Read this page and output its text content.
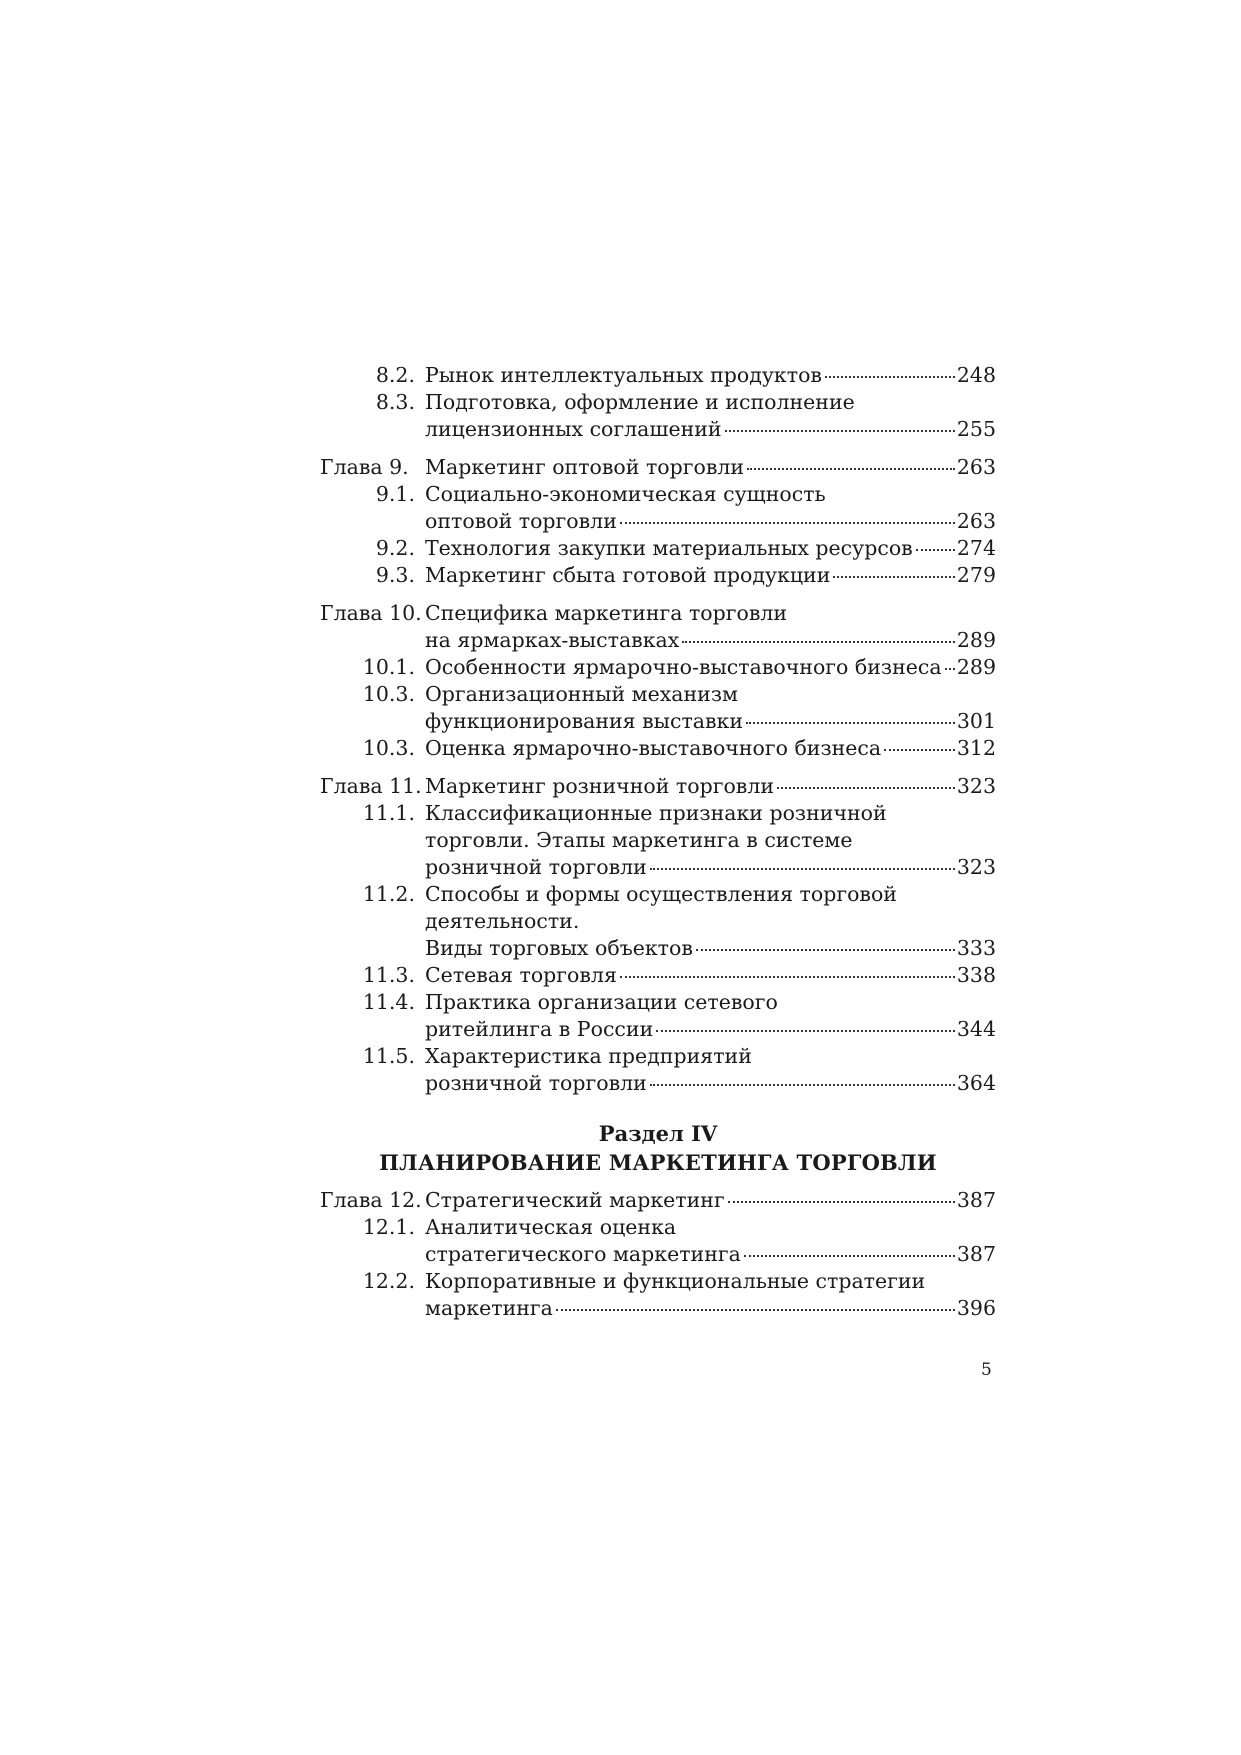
8.2. Рынок интеллектуальных продуктов	248
8.3. Подготовка, оформление и исполнение
лицензионных соглашений	255
Глава 9. Маркетинг оптовой торговли	263
9.1. Социально-экономическая сущность
оптовой торговли	263
9.2. Технология закупки материальных ресурсов 274
9.3. Маркетинг сбыта готовой продукции	279
Глава 10. Специфика маркетинга торговли
на ярмарках-выставках	289
10.1. Особенности ярмарочно-выставочного бизнеса 289
10.3. Организационный механизм
функционирования выставки	301
10.3. Оценка ярмарочно-выставочного бизнеса	312
Глава 11. Маркетинг розничной торговли	323
11.1. Классификационные признаки розничной
торговли. Этапы маркетинга в системе
розничной торговли	323
11.2. Способы и формы осуществления торговой
деятельности.
Виды торговых объектов	333
11.3. Сетевая торговля	338
11.4. Практика организации сетевого
ритейлинга в России	344
11.5. Характеристика предприятий
розничной торговли	364
Раздел IV
ПЛАНИРОВАНИЕ МАРКЕТИНГА ТОРГОВЛИ
Глава 12. Стратегический маркетинг	387
12.1. Аналитическая оценка
стратегического маркетинга	387
12.2. Корпоративные и функциональные стратегии
маркетинга	396
5
